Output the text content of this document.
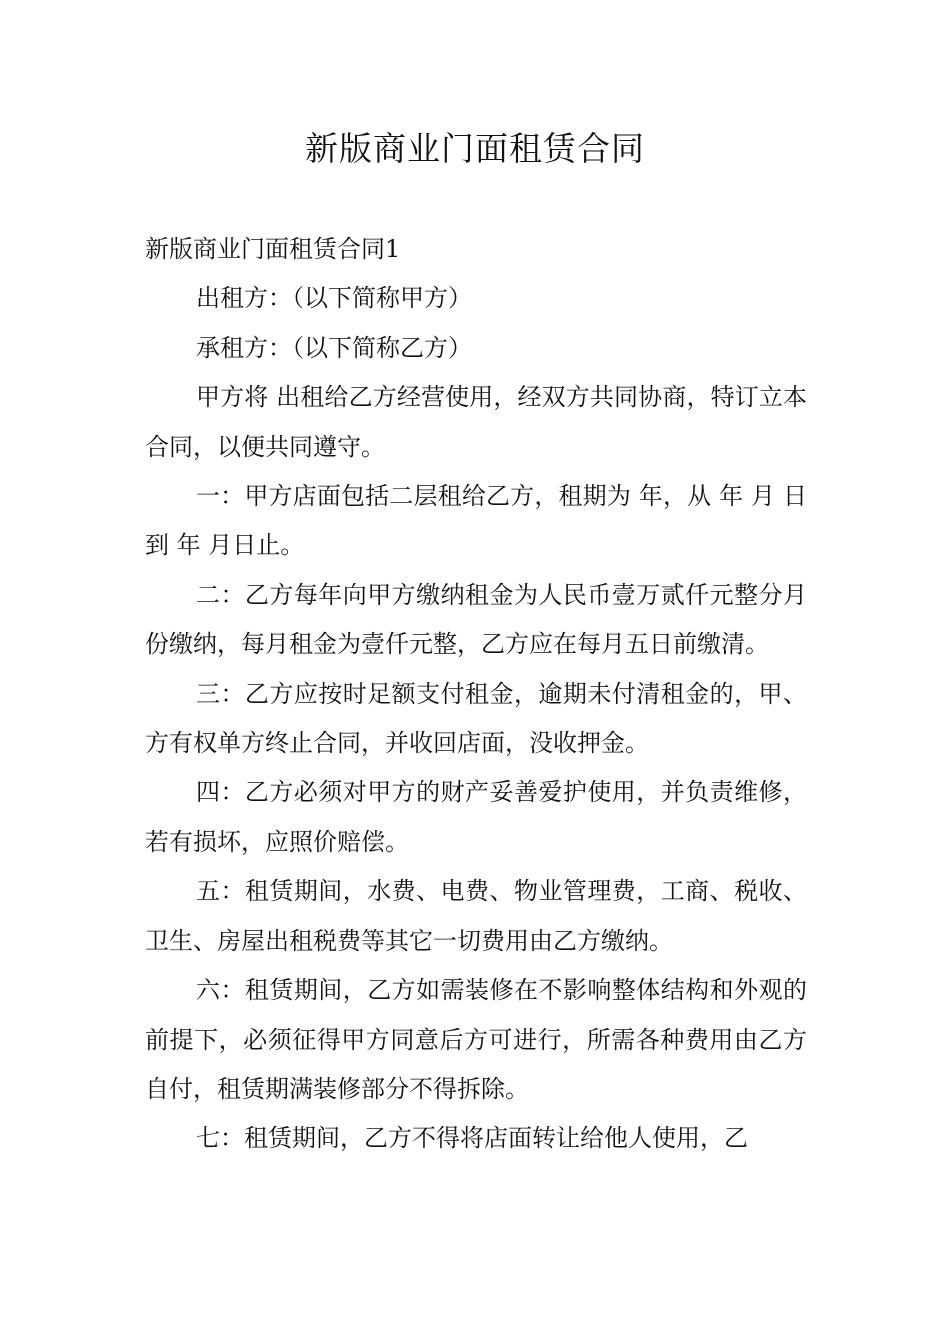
新版商业门面租赁合同

新版商业门面租赁合同1

出租方：（以下简称甲方）

承租方：（以下简称乙方）

甲方将 出租给乙方经营使用，经双方共同协商，特订立本合同，以便共同遵守。

一：甲方店面包括二层租给乙方，租期为 年，从 年 月 日到 年 月日止。

二：乙方每年向甲方缴纳租金为人民币壹万贰仟元整分月份缴纳，每月租金为壹仟元整，乙方应在每月五日前缴清。

三：乙方应按时足额支付租金，逾期未付清租金的，甲、方有权单方终止合同，并收回店面，没收押金。

四：乙方必须对甲方的财产妥善爱护使用，并负责维修，若有损坏，应照价赔偿。

五：租赁期间，水费、电费、物业管理费，工商、税收、卫生、房屋出租税费等其它一切费用由乙方缴纳。

六：租赁期间，乙方如需装修在不影响整体结构和外观的前提下，必须征得甲方同意后方可进行，所需各种费用由乙方自付，租赁期满装修部分不得拆除。

七：租赁期间，乙方不得将店面转让给他人使用，乙
